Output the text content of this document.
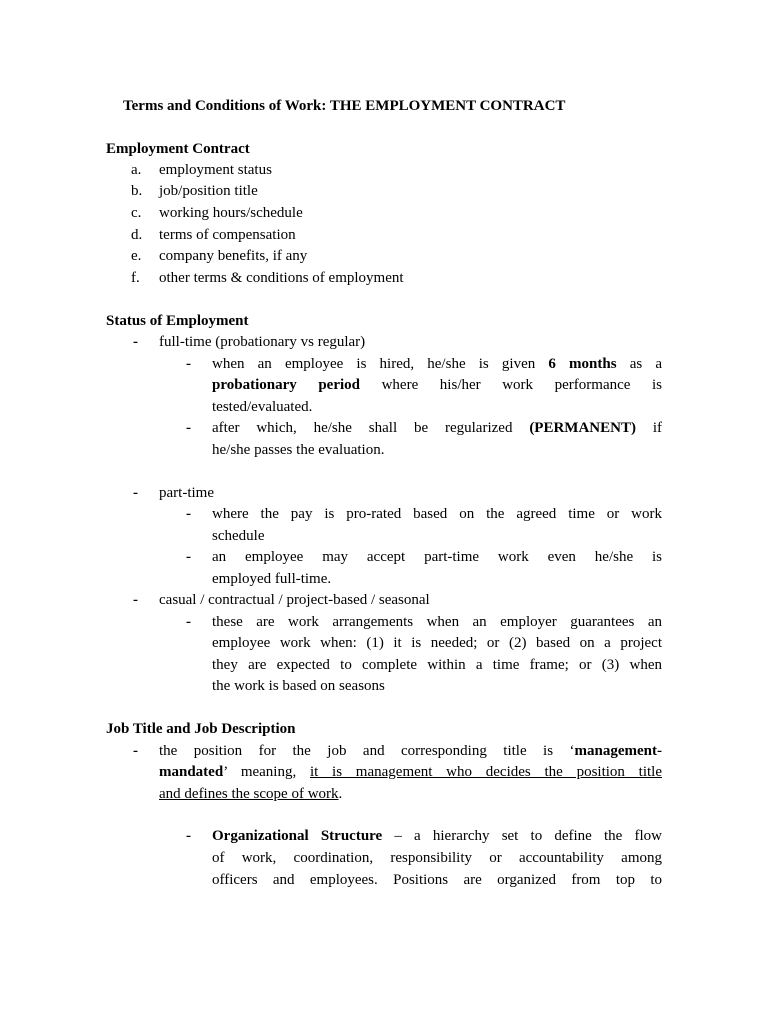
Terms and Conditions of Work: THE EMPLOYMENT CONTRACT
Employment Contract
a. employment status
b. job/position title
c. working hours/schedule
d. terms of compensation
e. company benefits, if any
f. other terms & conditions of employment
Status of Employment
- full-time (probationary vs regular)
- when an employee is hired, he/she is given 6 months as a
probationary period where his/her work performance is
tested/evaluated.
- after which, he/she shall be regularized (PERMANENT) if
he/she passes the evaluation.
- part-time
- where the pay is pro-rated based on the agreed time or work
schedule
- an employee may accept part-time work even he/she is
employed full-time.
- casual / contractual / project-based / seasonal
- these are work arrangements when an employer guarantees an
employee work when: (1) it is needed; or (2) based on a project
they are expected to complete within a time frame; or (3) when
the work is based on seasons
Job Title and Job Description
- the position for the job and corresponding title is ‘management-
mandated’ meaning, it is management who decides the position title
and defines the scope of work.
- Organizational Structure – a hierarchy set to define the flow
of work, coordination, responsibility or accountability among
officers and employees. Positions are organized from top to
